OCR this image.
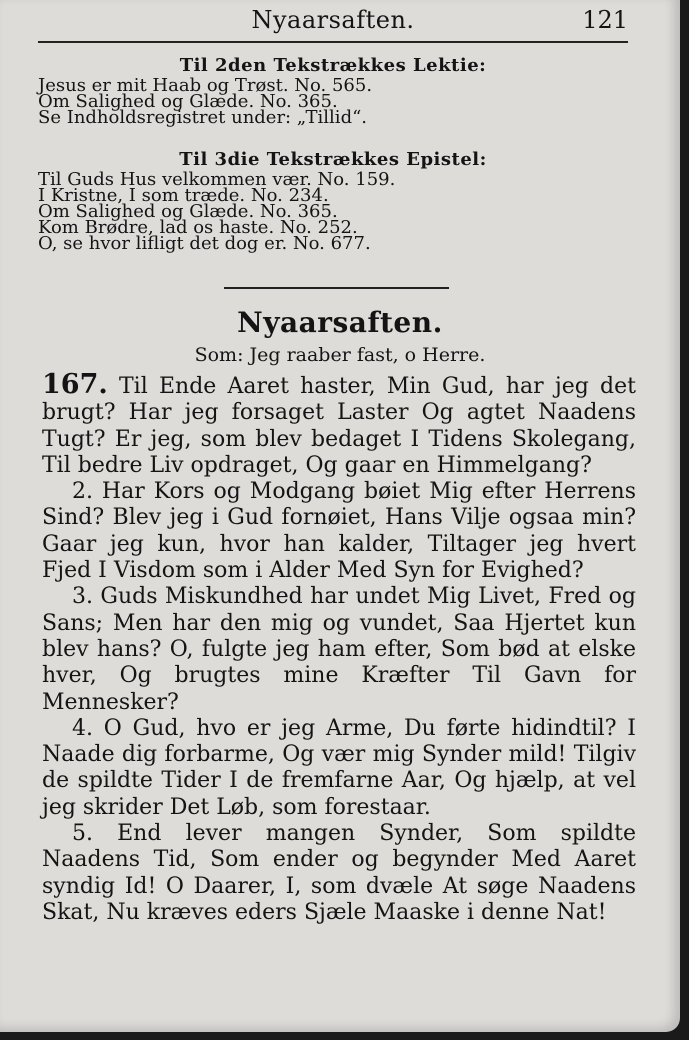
Nyaarsaften.	121
Til 2den Tekstrækkes Lektie:
Jesus er mit Haab og Trøst. No. 565.
Om Salighed og Glæde. No. 365.
Se Indholdsregistret under: „Tillid“.
Til 3die Tekstrækkes Epistel:
Til Guds Hus velkommen vær. No. 159.
I Kristne, I som træde. No. 234.
Om Salighed og Glæde. No. 365.
Kom Brødre, lad os haste. No. 252.
O, se hvor lifligt det dog er. No. 677.
Nyaarsaften.
Som: Jeg raaber fast, o Herre.

167. Til Ende Aaret haster, Min Gud, har jeg det brugt? Har jeg forsaget Laster Og agtet Naadens Tugt? Er jeg, som blev bedaget I Tidens Skolegang, Til bedre Liv opdraget, Og gaar en Himmelgang?

2. Har Kors og Modgang bøiet Mig efter Herrens Sind? Blev jeg i Gud fornøiet, Hans Vilje ogsaa min? Gaar jeg kun, hvor han kalder, Tiltager jeg hvert Fjed I Visdom som i Alder Med Syn for Evighed?

3. Guds Miskundhed har undet Mig Livet, Fred og Sans; Men har den mig og vundet, Saa Hjertet kun blev hans? O, fulgte jeg ham efter, Som bød at elske hver, Og brugtes mine Kræfter Til Gavn for Mennesker?

4. O Gud, hvo er jeg Arme, Du førte hidindtil? I Naade dig forbarme, Og vær mig Synder mild! Tilgiv de spildte Tider I de fremfarne Aar, Og hjælp, at vel jeg skrider Det Løb, som forestaar.

5. End lever mangen Synder, Som spildte Naadens Tid, Som ender og begynder Med Aaret syndig Id! O Daarer, I, som dvæle At søge Naadens Skat, Nu kræves eders Sjæle Maaske i denne Nat!
